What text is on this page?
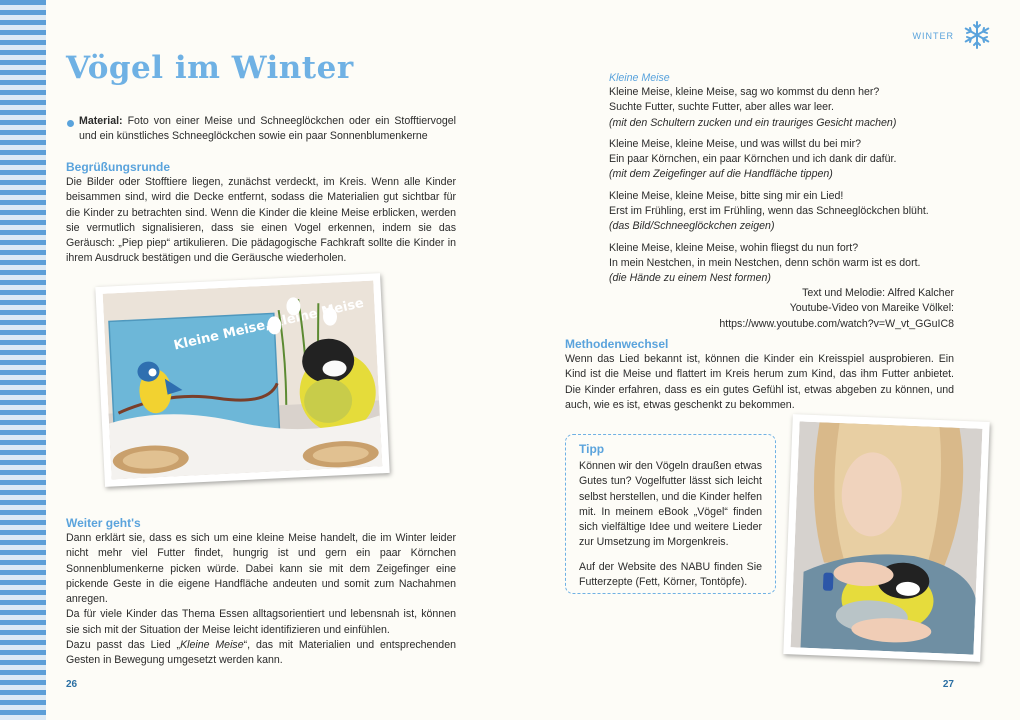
Vögel im Winter
Material: Foto von einer Meise und Schneeglöckchen oder ein Stofftiervogel und ein künstliches Schneeglöckchen sowie ein paar Sonnenblumenkerne
Begrüßungsrunde
Die Bilder oder Stofftiere liegen, zunächst verdeckt, im Kreis. Wenn alle Kinder beisammen sind, wird die Decke entfernt, sodass die Materialien gut sichtbar für die Kinder zu betrachten sind. Wenn die Kinder die kleine Meise erblicken, werden sie vermutlich signalisieren, dass sie einen Vogel erkennen, indem sie das Geräusch: „Piep piep“ artikulieren. Die pädagogische Fachkraft sollte die Kinder in ihrem Ausdruck bestätigen und die Geräusche wiederholen.
Kleine Meise, kleine Meise
Weiter geht's
Dann erklärt sie, dass es sich um eine kleine Meise handelt, die im Winter leider nicht mehr viel Futter findet, hungrig ist und gern ein paar Körnchen Sonnenblumenkerne picken würde. Dabei kann sie mit dem Zeigefinger eine pickende Geste in die eigene Handfläche andeuten und somit zum Nachahmen anregen.
Da für viele Kinder das Thema Essen alltagsorientiert und lebensnah ist, können sie sich mit der Situation der Meise leicht identifizieren und einfühlen.
Dazu passt das Lied „Kleine Meise“, das mit Materialien und entsprechenden Gesten in Bewegung umgesetzt werden kann.
26
WINTER
Kleine Meise

Kleine Meise, kleine Meise, sag wo kommst du denn her?

Suchte Futter, suchte Futter, aber alles war leer.

(mit den Schultern zucken und ein trauriges Gesicht machen)

Kleine Meise, kleine Meise, und was willst du bei mir?

Ein paar Körnchen, ein paar Körnchen und ich dank dir dafür.

(mit dem Zeigefinger auf die Handfläche tippen)

Kleine Meise, kleine Meise, bitte sing mir ein Lied!

Erst im Frühling, erst im Frühling, wenn das Schneeglöckchen blüht.

(das Bild/Schneeglöckchen zeigen)

Kleine Meise, kleine Meise, wohin fliegst du nun fort?

In mein Nestchen, in mein Nestchen, denn schön warm ist es dort.

(die Hände zu einem Nest formen)

Text und Melodie: Alfred Kalcher
Youtube-Video von Mareike Völkel:
https://www.youtube.com/watch?v=W_vt_GGuIC8
Methodenwechsel
Wenn das Lied bekannt ist, können die Kinder ein Kreisspiel ausprobieren. Ein Kind ist die Meise und flattert im Kreis herum zum Kind, das ihm Futter anbietet. Die Kinder erfahren, dass es ein gutes Gefühl ist, etwas abgeben zu können, und auch, wie es ist, etwas geschenkt zu bekommen.
Tipp
Können wir den Vögeln draußen etwas Gutes tun? Vogelfutter lässt sich leicht selbst herstellen, und die Kinder helfen mit. In meinem eBook „Vögel“ finden sich vielfältige Idee und weitere Lieder zur Umsetzung im Morgenkreis.
Auf der Website des NABU finden Sie Futterzepte (Fett, Körner, Tontöpfe).
27
